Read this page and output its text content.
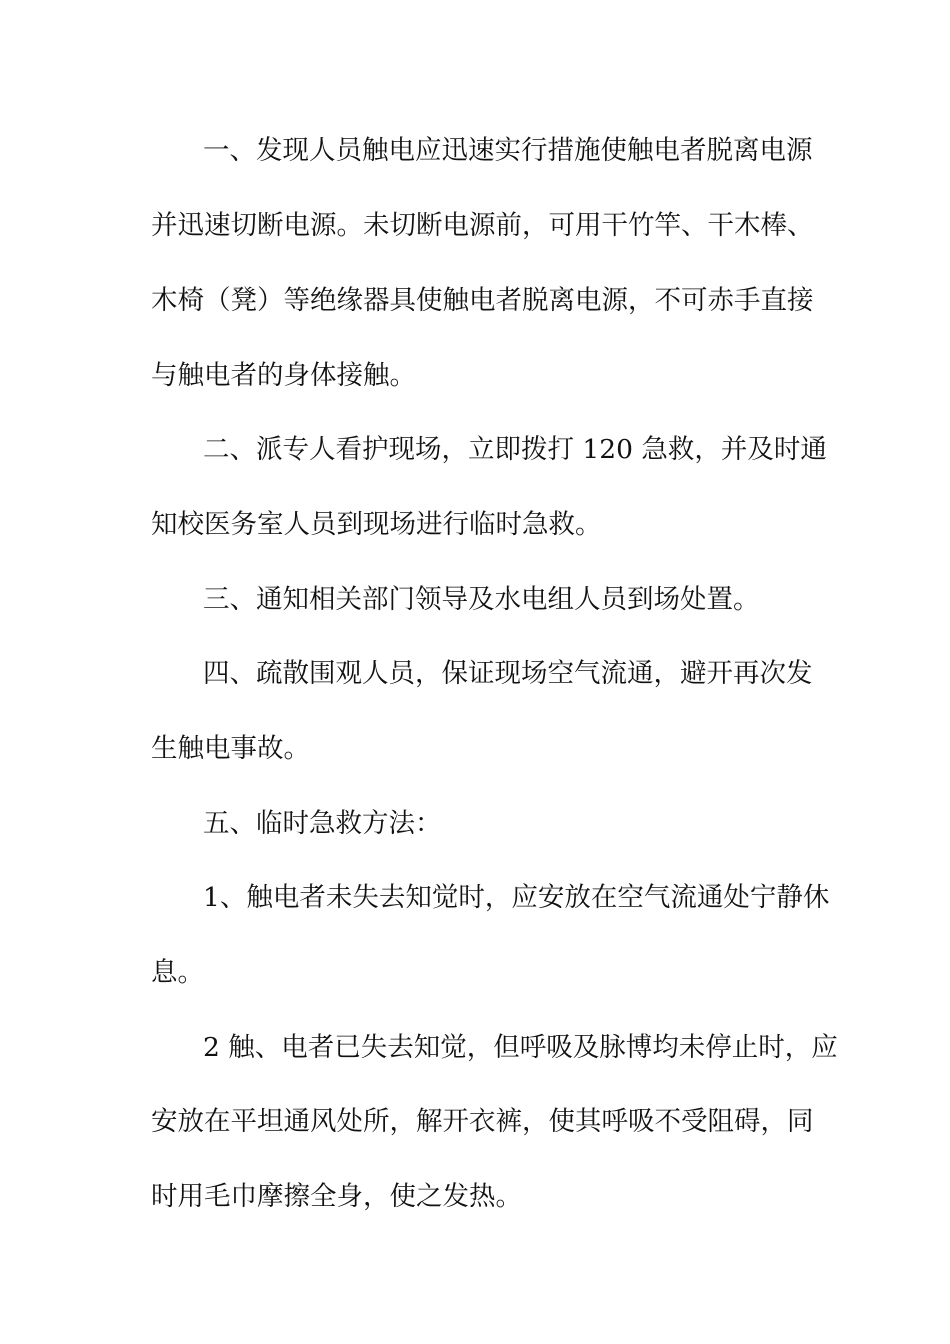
一、发现人员触电应迅速实行措施使触电者脱离电源
并迅速切断电源。未切断电源前，可用干竹竿、干木棒、
木椅（凳）等绝缘器具使触电者脱离电源，不可赤手直接
与触电者的身体接触。
二、派专人看护现场，立即拨打 120 急救，并及时通
知校医务室人员到现场进行临时急救。
三、通知相关部门领导及水电组人员到场处置。
四、疏散围观人员，保证现场空气流通，避开再次发
生触电事故。
五、临时急救方法：
1、触电者未失去知觉时，应安放在空气流通处宁静休
息。
2 触、电者已失去知觉，但呼吸及脉博均未停止时，应
安放在平坦通风处所，解开衣裤，使其呼吸不受阻碍，同
时用毛巾摩擦全身，使之发热。
